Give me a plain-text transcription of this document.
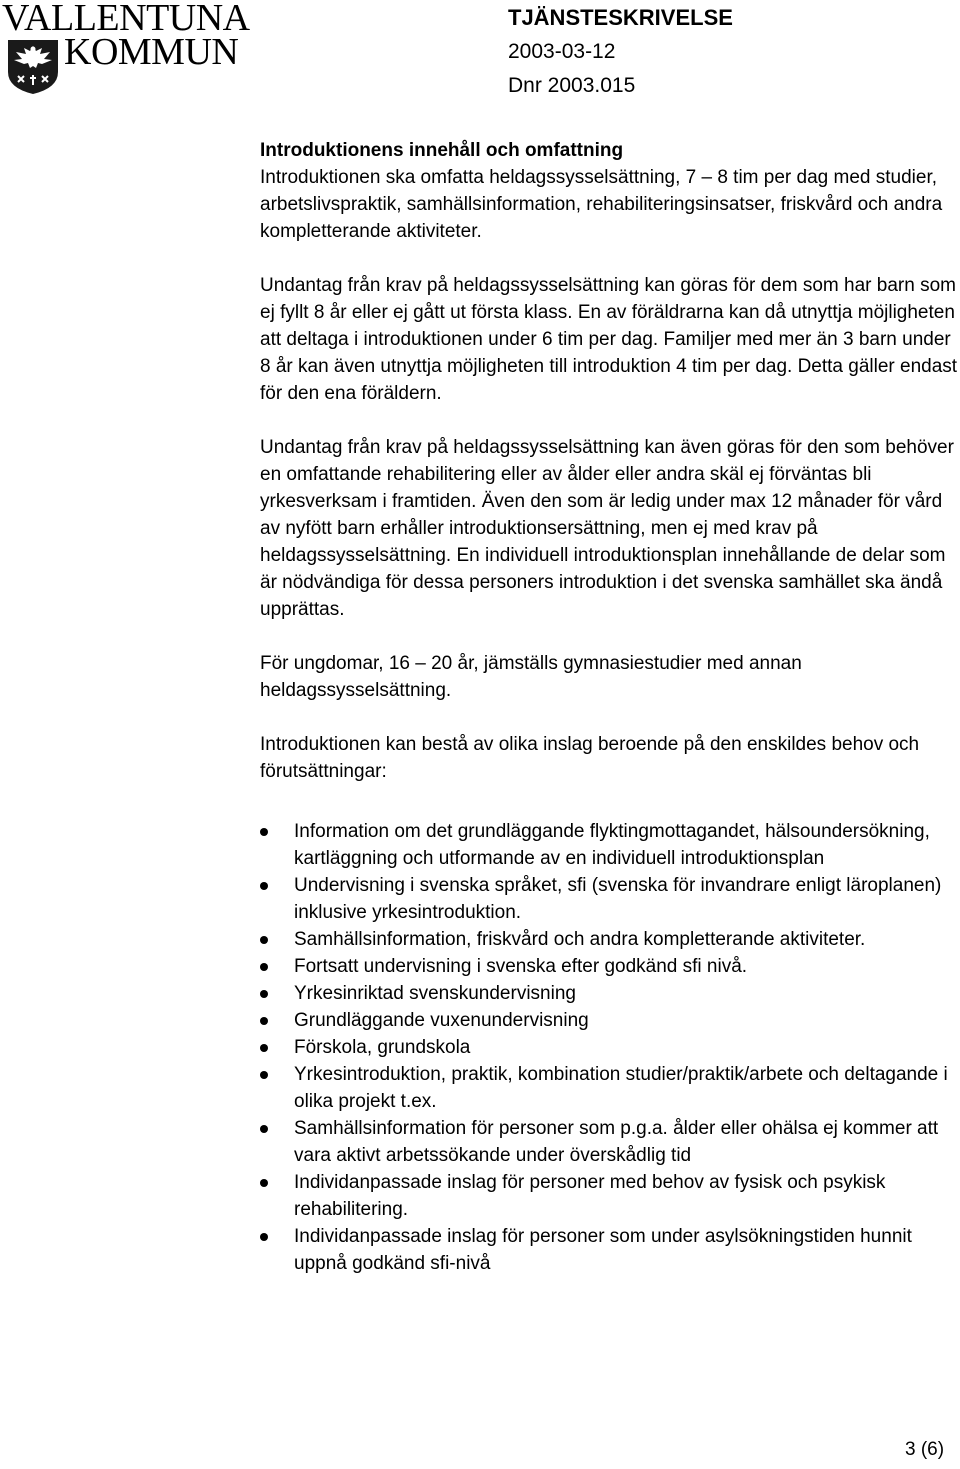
VALLENTUNA
KOMMUN

TJÄNSTESKRIVELSE

2003-03-12

Dnr 2003.015

Introduktionens innehåll och omfattning

Introduktionen ska omfatta heldagssysselsättning, 7 – 8 tim per dag med studier, arbetslivspraktik, samhällsinformation, rehabiliteringsinsatser, friskvård och andra kompletterande aktiviteter.

Undantag från krav på heldagssysselsättning kan göras för dem som har barn som ej fyllt 8 år eller ej gått ut första klass. En av föräldrarna kan då utnyttja möjligheten att deltaga i introduktionen under 6 tim per dag. Familjer med mer än 3 barn under 8 år kan även utnyttja möjligheten till introduktion 4 tim per dag. Detta gäller endast för den ena föräldern.

Undantag från krav på heldagssysselsättning kan även göras för den som behöver en omfattande rehabilitering eller av ålder eller andra skäl ej förväntas bli yrkesverksam i framtiden. Även den som är ledig under max 12 månader för vård av nyfött barn erhåller introduktionsersättning, men ej med krav på heldagssysselsättning. En individuell introduktionsplan innehållande de delar som är nödvändiga för dessa personers introduktion i det svenska samhället ska ändå upprättas.

För ungdomar, 16 – 20 år, jämställs gymnasiestudier med annan heldagssysselsättning.

Introduktionen kan bestå av olika inslag beroende på den enskildes behov och förutsättningar:

Information om det grundläggande flyktingmottagandet, hälsoundersökning, kartläggning och utformande av en individuell introduktionsplan
Undervisning i svenska språket, sfi (svenska för invandrare enligt läroplanen) inklusive yrkesintroduktion.
Samhällsinformation, friskvård och andra kompletterande aktiviteter.
Fortsatt undervisning i svenska efter godkänd sfi nivå.
Yrkesinriktad svenskundervisning
Grundläggande vuxenundervisning
Förskola, grundskola
Yrkesintroduktion, praktik, kombination studier/praktik/arbete och deltagande i olika projekt t.ex.
Samhällsinformation för personer som p.g.a. ålder eller ohälsa ej kommer att vara aktivt arbetssökande under överskådlig tid
Individanpassade inslag för personer med behov av fysisk och psykisk rehabilitering.
Individanpassade inslag för personer som under asylsökningstiden hunnit uppnå godkänd sfi-nivå
3 (6)
